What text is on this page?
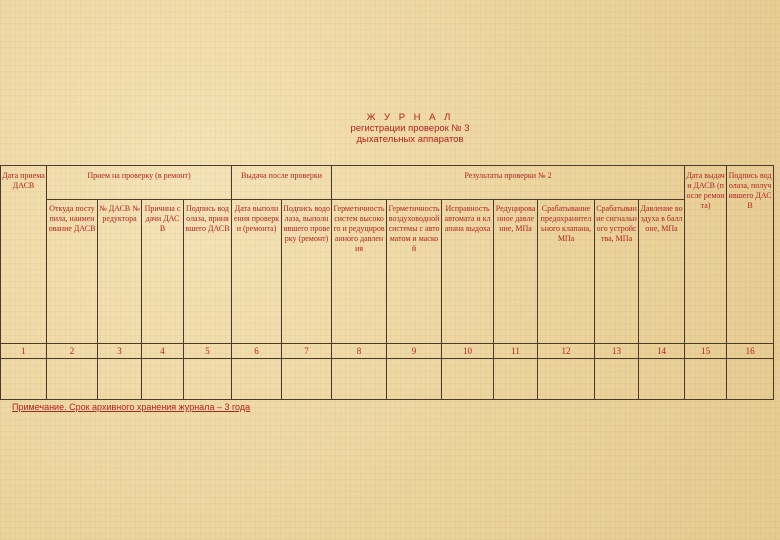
Ж У Р Н А Л
регистрации проверок № 3
дыхательных аппаратов
Дата приема ДАСВ	Прием на проверку (в ремонт)				Выдача после проверки		Результаты проверки № 2							Дата выдачи ДАСВ (после ремонта)	Подпись водолаза, получившего ДАСВ
	Откуда поступила, наименование ДАСВ	№ ДАСВ № редуктора	Причина сдачи ДАСВ	Подпись водолаза, принявшего ДАСВ	Дата выполнения проверки (ремонта)	Подпись водолаза, выполнившего проверку (ремонт)	Герметичность систем высокого и редуцированного давления	Герметичность воздуховодной системы с автоматом и маской	Исправность автомата и клапана выдоха	Редуцированное давление, МПа	Срабатывание предохранительного клапана, МПа	Срабатывание сигнального устройства, МПа	Давление воздуха в баллоне, МПа		
1	2	3	4	5	6	7	8	9	10	11	12	13	14	15	16

Примечание. Срок архивного хранения журнала – 3 года
